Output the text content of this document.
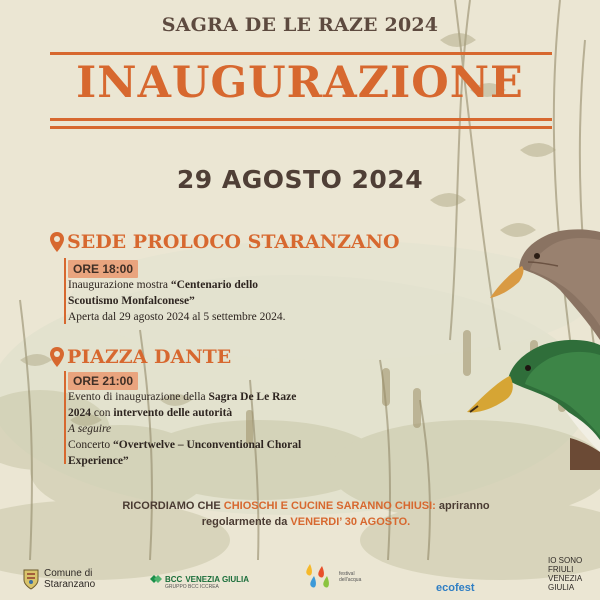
SAGRA DE LE RAZE 2024
INAUGURAZIONE
29 AGOSTO 2024
SEDE PROLOCO STARANZANO
ORE 18:00
Inaugurazione mostra “Centenario dello
Scoutismo Monfalconese”
Aperta dal 29 agosto 2024 al 5 settembre 2024.
PIAZZA DANTE
ORE 21:00
Evento di inaugurazione della Sagra De Le Raze
2024 con intervento delle autorità
A seguire
Concerto “Overtwelve – Unconventional Choral
Experience”
RICORDIAMO CHE CHIOSCHI E CUCINE SARANNO CHIUSI: apriranno
regolarmente da VENERDI’ 30 AGOSTO.
Comune di
Staranzano	BCC VENEZIA GIULIA
GRUPPO BCC ICCREA
festival
dell'acqua
ecofest
IO SONO
FRIULI
VENEZIA
GIULIA
